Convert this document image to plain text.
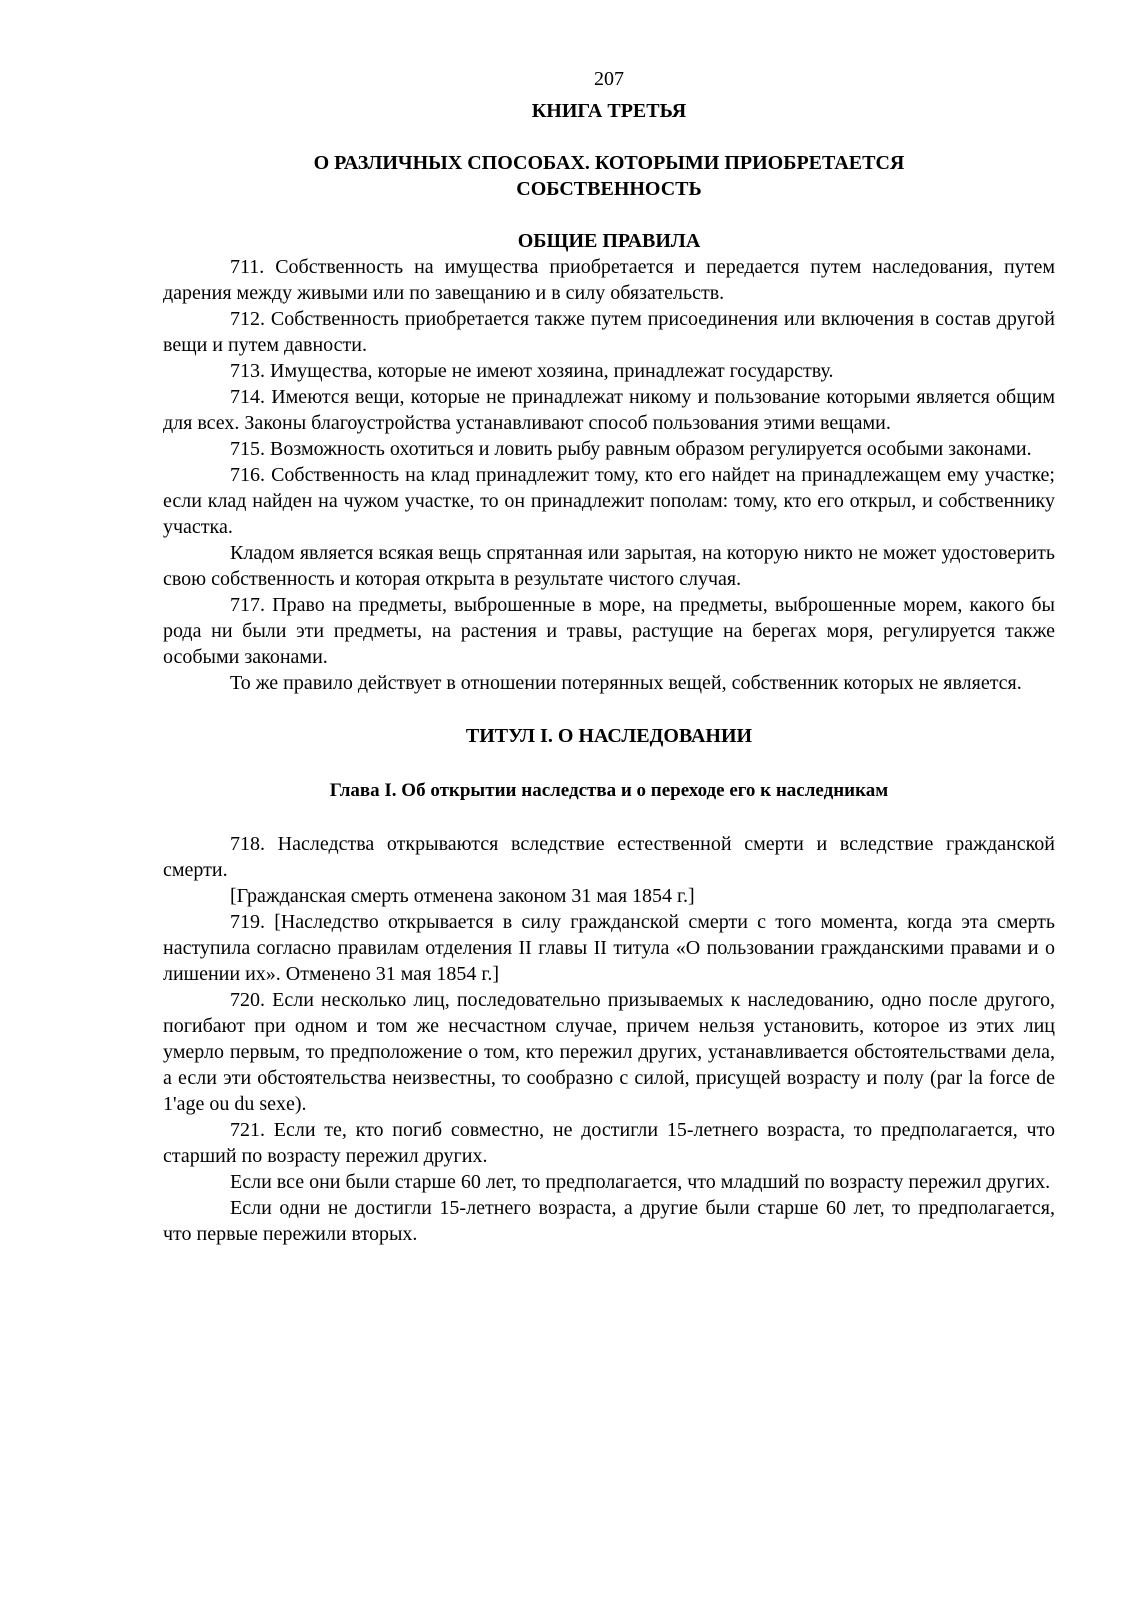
207
КНИГА ТРЕТЬЯ
О РАЗЛИЧНЫХ СПОСОБАХ. КОТОРЫМИ ПРИОБРЕТАЕТСЯ
СОБСТВЕННОСТЬ
ОБЩИЕ ПРАВИЛА

711. Собственность на имущества приобретается и передается путем наследования, путем дарения между живыми или по завещанию и в силу обязательств.

712. Собственность приобретается также путем присоединения или включения в состав другой вещи и путем давности.

713. Имущества, которые не имеют хозяина, принадлежат государству.

714. Имеются вещи, которые не принадлежат никому и пользование которыми является общим для всех. Законы благоустройства устанавливают способ пользования этими вещами.

715. Возможность охотиться и ловить рыбу равным образом регулируется особыми законами.

716. Собственность на клад принадлежит тому, кто его найдет на принадлежащем ему участке; если клад найден на чужом участке, то он принадлежит пополам: тому, кто его открыл, и собственнику участка.

Кладом является всякая вещь спрятанная или зарытая, на которую никто не может удостоверить свою собственность и которая открыта в результате чистого случая.

717. Право на предметы, выброшенные в море, на предметы, выброшенные морем, какого бы рода ни были эти предметы, на растения и травы, растущие на берегах моря, регулируется также особыми законами.

То же правило действует в отношении потерянных вещей, собственник которых не является.

ТИТУЛ I. О НАСЛЕДОВАНИИ
Глава I. Об открытии наследства и о переходе его к наследникам

718. Наследства открываются вследствие естественной смерти и вследствие гражданской смерти.

[Гражданская смерть отменена законом 31 мая 1854 г.]

719. [Наследство открывается в силу гражданской смерти с того момента, когда эта смерть наступила согласно правилам отделения II главы II титула «О пользовании гражданскими правами и о лишении их». Отменено 31 мая 1854 г.]

720. Если несколько лиц, последовательно призываемых к наследованию, одно после другого, погибают при одном и том же несчастном случае, причем нельзя установить, которое из этих лиц умерло первым, то предположение о том, кто пережил других, устанавливается обстоятельствами дела, а если эти обстоятельства неизвестны, то сообразно с силой, присущей возрасту и полу (par la force de 1'age ou du sexe).

721. Если те, кто погиб совместно, не достигли 15-летнего возраста, то предполагается, что старший по возрасту пережил других.

Если все они были старше 60 лет, то предполагается, что младший по возрасту пережил других.

Если одни не достигли 15-летнего возраста, а другие были старше 60 лет, то предполагается, что первые пережили вторых.
